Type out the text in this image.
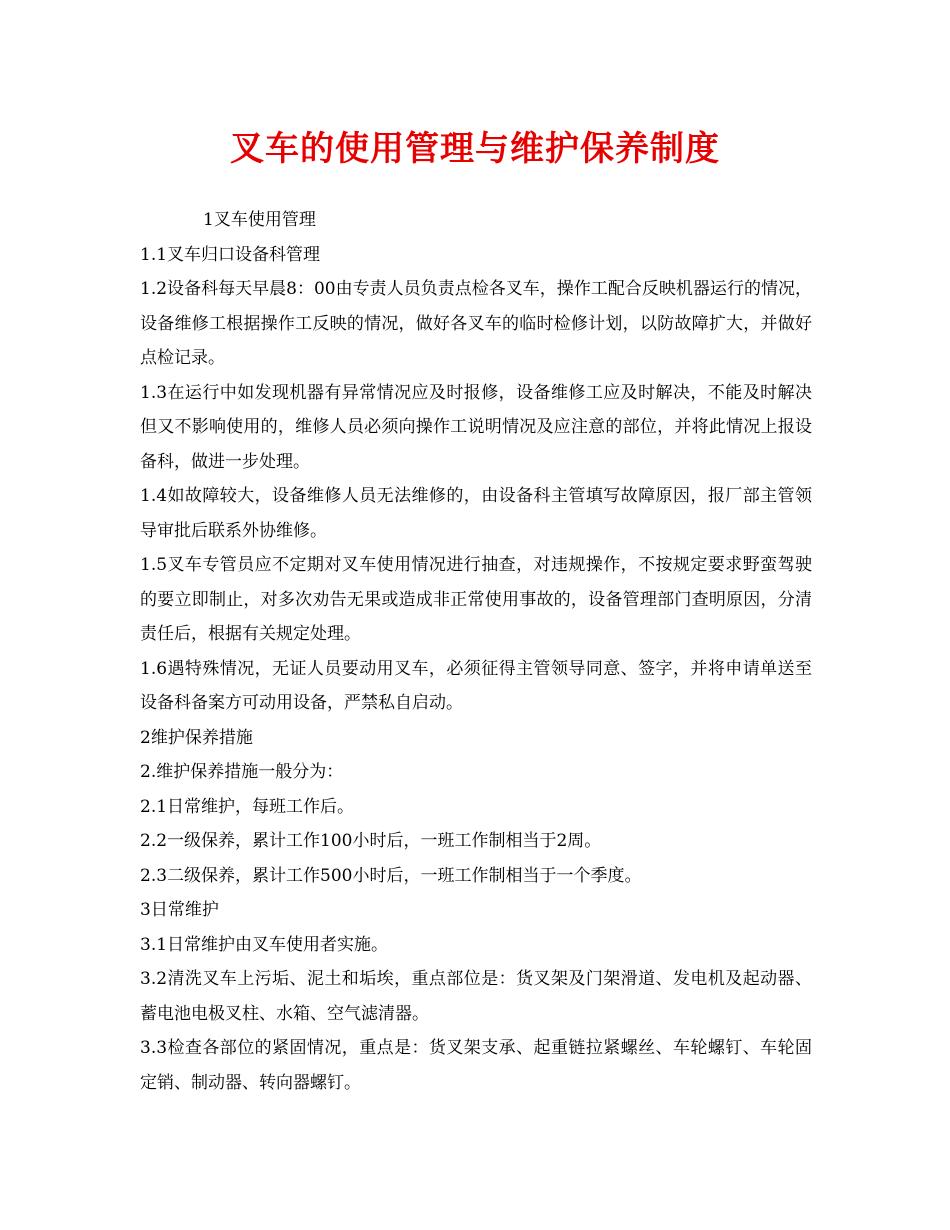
叉车的使用管理与维护保养制度

1叉车使用管理

1.1叉车归口设备科管理

1.2设备科每天早晨8：00由专责人员负责点检各叉车，操作工配合反映机器运行的情况，设备维修工根据操作工反映的情况，做好各叉车的临时检修计划，以防故障扩大，并做好点检记录。

1.3在运行中如发现机器有异常情况应及时报修，设备维修工应及时解决，不能及时解决但又不影响使用的，维修人员必须向操作工说明情况及应注意的部位，并将此情况上报设备科，做进一步处理。

1.4如故障较大，设备维修人员无法维修的，由设备科主管填写故障原因，报厂部主管领导审批后联系外协维修。

1.5叉车专管员应不定期对叉车使用情况进行抽查，对违规操作，不按规定要求野蛮驾驶的要立即制止，对多次劝告无果或造成非正常使用事故的，设备管理部门查明原因，分清责任后，根据有关规定处理。

1.6遇特殊情况，无证人员要动用叉车，必须征得主管领导同意、签字，并将申请单送至设备科备案方可动用设备，严禁私自启动。

2维护保养措施

2.维护保养措施一般分为：

2.1日常维护，每班工作后。

2.2一级保养，累计工作100小时后，一班工作制相当于2周。

2.3二级保养，累计工作500小时后，一班工作制相当于一个季度。

3日常维护

3.1日常维护由叉车使用者实施。

3.2清洗叉车上污垢、泥土和垢埃，重点部位是：货叉架及门架滑道、发电机及起动器、蓄电池电极叉柱、水箱、空气滤清器。

3.3检查各部位的紧固情况，重点是：货叉架支承、起重链拉紧螺丝、车轮螺钉、车轮固定销、制动器、转向器螺钉。
